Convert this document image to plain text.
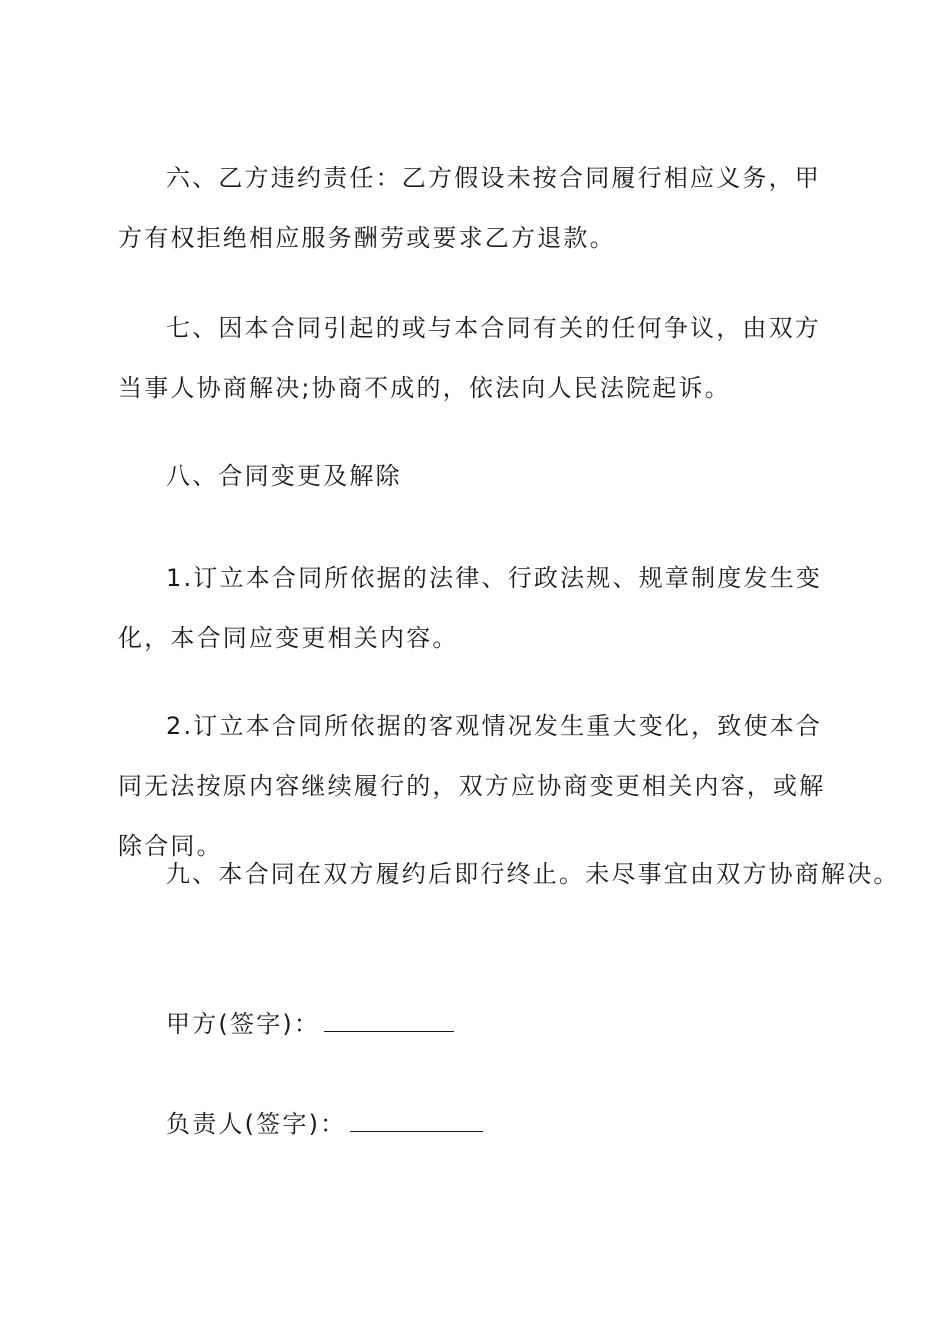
六、乙方违约责任：乙方假设未按合同履行相应义务，甲方有权拒绝相应服务酬劳或要求乙方退款。

七、因本合同引起的或与本合同有关的任何争议，由双方当事人协商解决;协商不成的，依法向人民法院起诉。

八、合同变更及解除

1.订立本合同所依据的法律、行政法规、规章制度发生变化，本合同应变更相关内容。

2.订立本合同所依据的客观情况发生重大变化，致使本合同无法按原内容继续履行的，双方应协商变更相关内容，或解除合同。

九、本合同在双方履约后即行终止。未尽事宜由双方协商解决。

甲方(签字)：
负责人(签字)：
